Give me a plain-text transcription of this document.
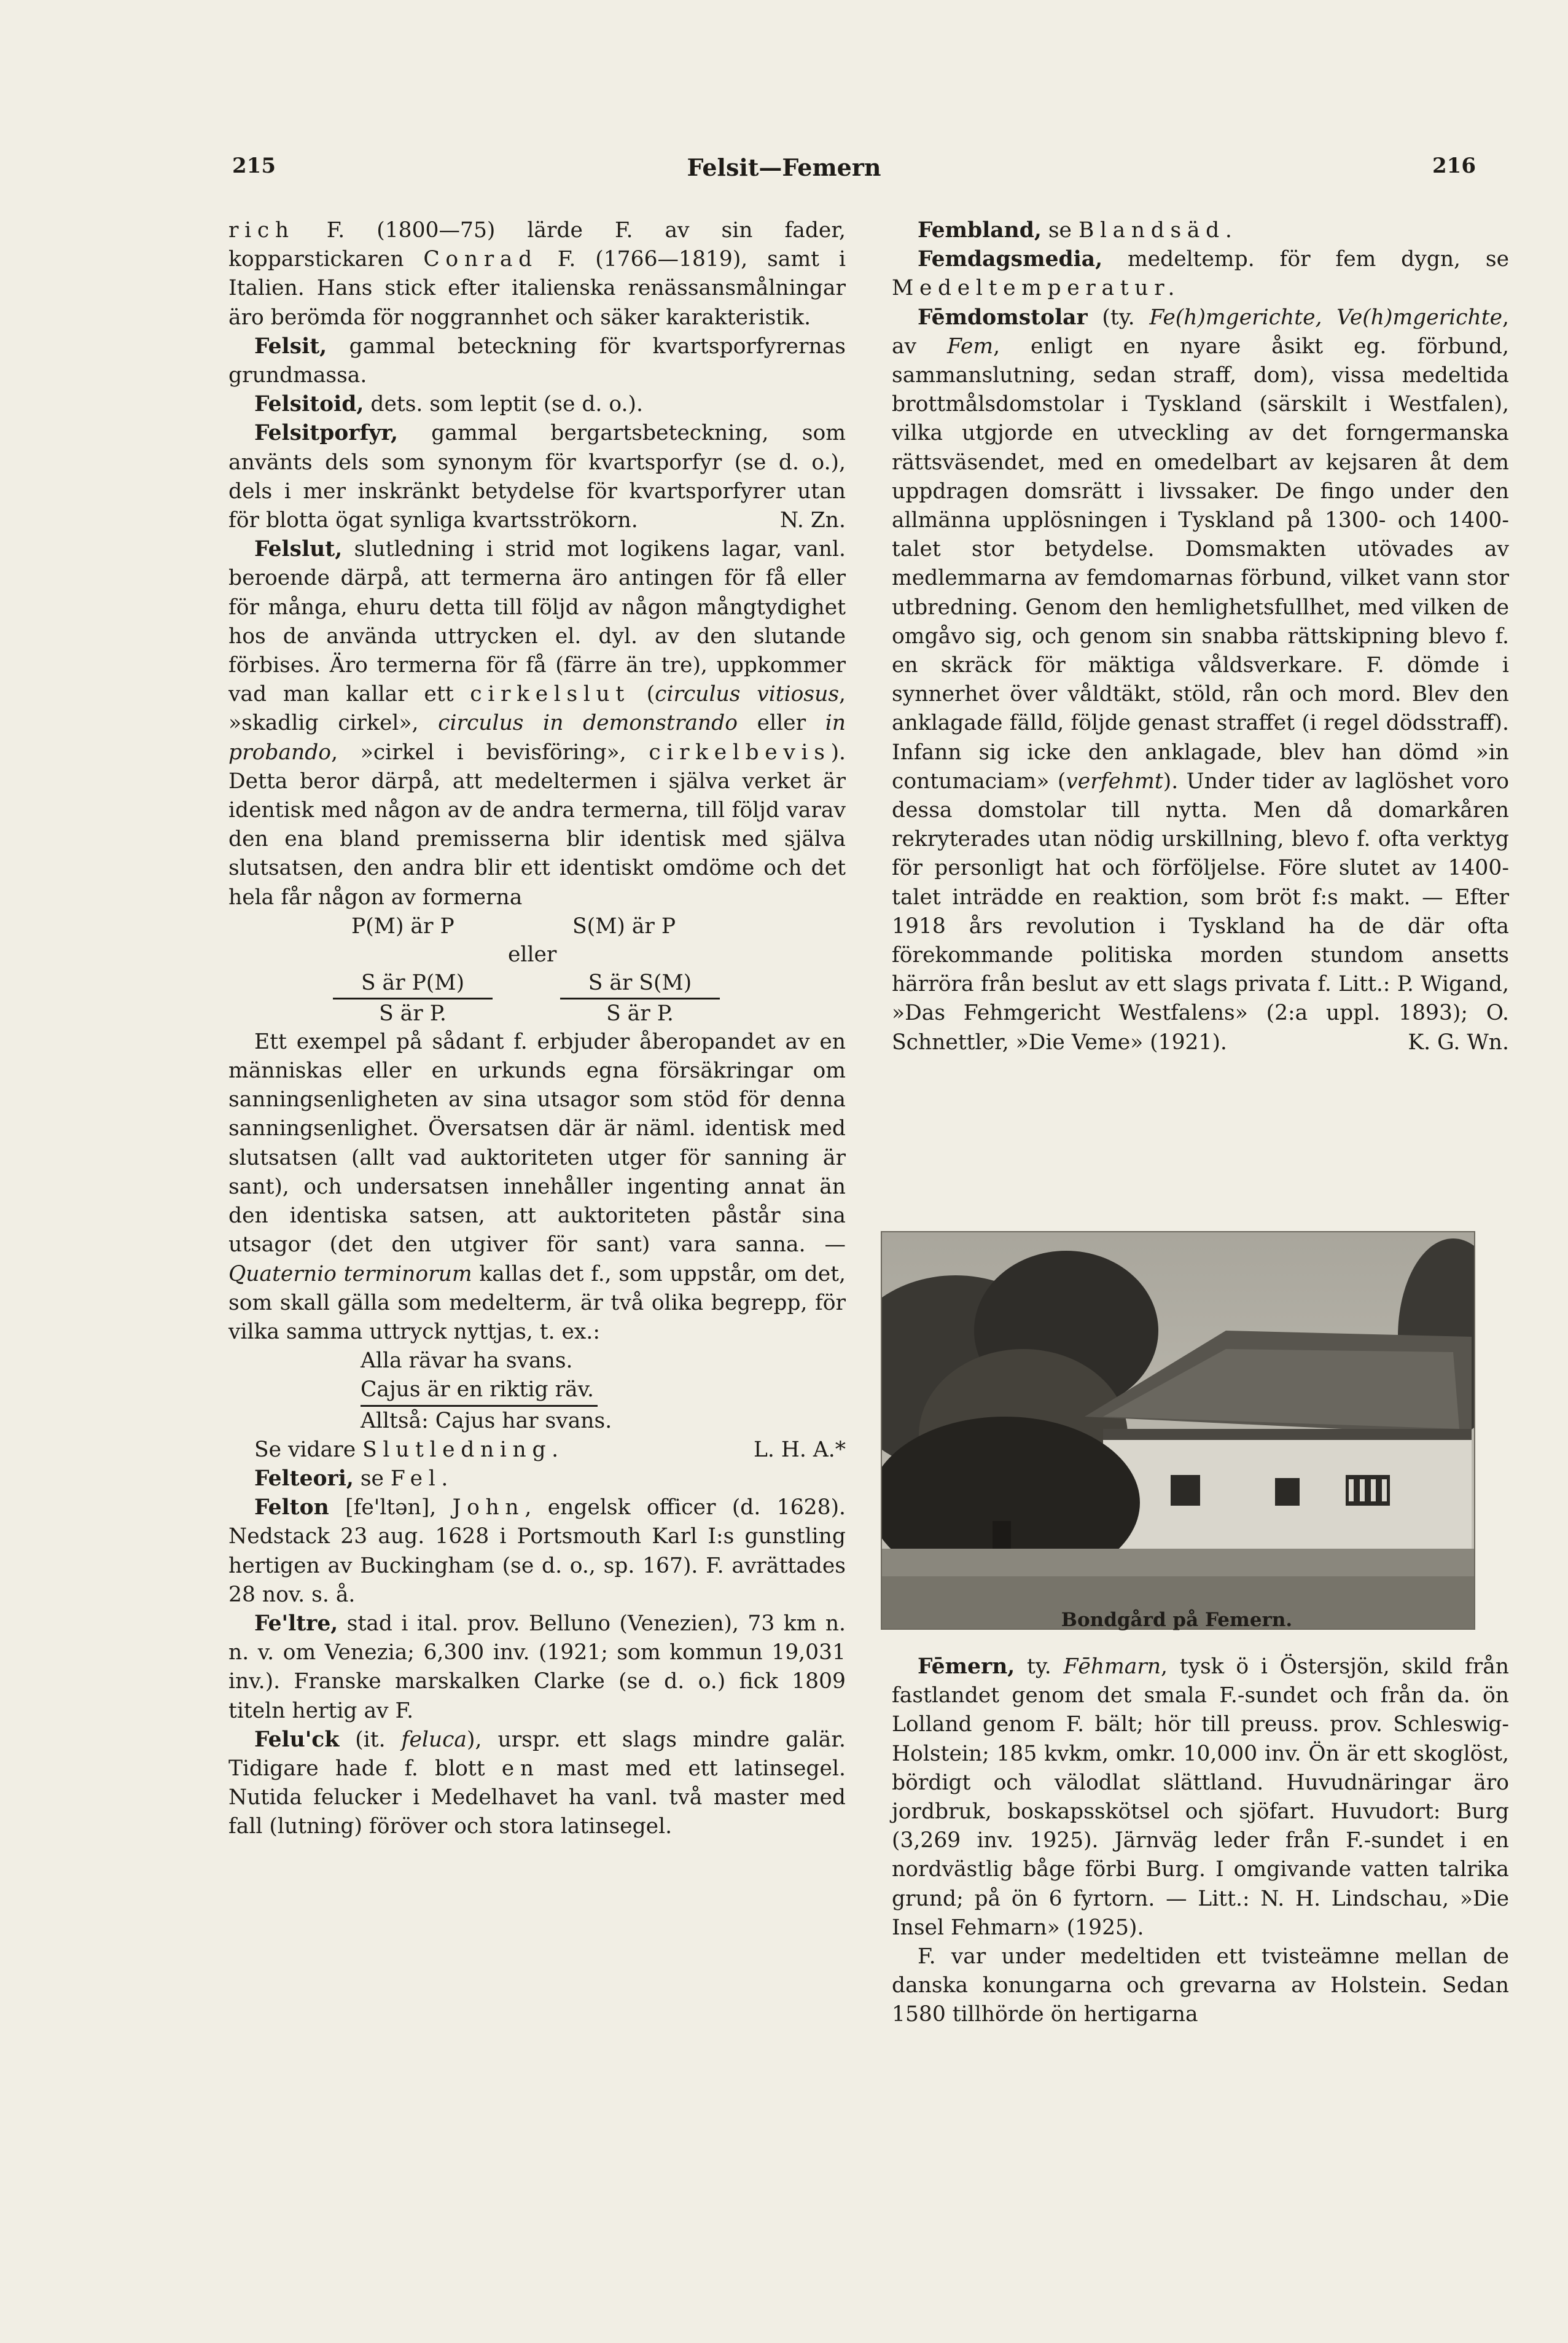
215	Felsit—Femern	216

rich F. (1800—75) lärde F. av sin fader, kopparstickaren Conrad F. (1766—1819), samt i Italien. Hans stick efter italienska renässansmålningar äro berömda för noggrannhet och säker karakteristik.

Felsit, gammal beteckning för kvartsporfyrernas grundmassa.

Felsitoid, dets. som leptit (se d. o.).

Felsitporfyr, gammal bergartsbeteckning, som använts dels som synonym för kvartsporfyr (se d. o.), dels i mer inskränkt betydelse för kvartsporfyrer utan för blotta ögat synliga kvartsströkorn.	N. Zn.

Felslut, slutledning i strid mot logikens lagar, vanl. beroende därpå, att termerna äro antingen för få eller för många, ehuru detta till följd av någon mångtydighet hos de använda uttrycken el. dyl. av den slutande förbises. Äro termerna för få (färre än tre), uppkommer vad man kallar ett cirkelslut (circulus vitiosus, »skadlig cirkel», circulus in demonstrando eller in probando, »cirkel i bevisföring», cirkelbevis). Detta beror därpå, att medeltermen i själva verket är identisk med någon av de andra termerna, till följd varav den ena bland premisserna blir identisk med själva slutsatsen, den andra blir ett identiskt omdöme och det hela får någon av formerna

P(M) är P	S(M) är P
eller
$\frac{\text{S är P(M)}}{\text{S är P.}}$	$\frac{\text{S är S(M)}}{\text{S är P.}}$

Ett exempel på sådant f. erbjuder åberopandet av en människas eller en urkunds egna försäkringar om sanningsenligheten av sina utsagor som stöd för denna sanningsenlighet. Översatsen där är näml. identisk med slutsatsen (allt vad auktoriteten utger för sanning är sant), och undersatsen innehåller ingenting annat än den identiska satsen, att auktoriteten påstår sina utsagor (det den utgiver för sant) vara sanna. — Quaternio terminorum kallas det f., som uppstår, om det, som skall gälla som medelterm, är två olika begrepp, för vilka samma uttryck nyttjas, t. ex.:

Alla rävar ha svans.
Cajus är en riktig räv.
Alltså: Cajus har svans.

Se vidare Slutledning.	L. H. A.*

Felteori, se Fel.

Felton [fe'ltən], John, engelsk officer (d. 1628). Nedstack 23 aug. 1628 i Portsmouth Karl I:s gunstling hertigen av Buckingham (se d. o., sp. 167). F. avrättades 28 nov. s. å.

Fe'ltre, stad i ital. prov. Belluno (Venezien), 73 km n. n. v. om Venezia; 6,300 inv. (1921; som kommun 19,031 inv.). Franske marskalken Clarke (se d. o.) fick 1809 titeln hertig av F.

Felu'ck (it. feluca), urspr. ett slags mindre galär. Tidigare hade f. blott en mast med ett latinsegel. Nutida felucker i Medelhavet ha vanl. två master med fall (lutning) föröver och stora latinsegel.

Fembland, se Blandsäd.

Femdagsmedia, medeltemp. för fem dygn, se Medeltemperatur.

Fēmdomstolar (ty. Fe(h)mgerichte, Ve(h)mgerichte, av Fem, enligt en nyare åsikt eg. förbund, sammanslutning, sedan straff, dom), vissa medeltida brottmålsdomstolar i Tyskland (särskilt i Westfalen), vilka utgjorde en utveckling av det forngermanska rättsväsendet, med en omedelbart av kejsaren åt dem uppdragen domsrätt i livssaker. De fingo under den allmänna upplösningen i Tyskland på 1300- och 1400-talet stor betydelse. Domsmakten utövades av medlemmarna av femdomarnas förbund, vilket vann stor utbredning. Genom den hemlighetsfullhet, med vilken de omgåvo sig, och genom sin snabba rättskipning blevo f. en skräck för mäktiga våldsverkare. F. dömde i synnerhet över våldtäkt, stöld, rån och mord. Blev den anklagade fälld, följde genast straffet (i regel dödsstraff). Infann sig icke den anklagade, blev han dömd »in contumaciam» (verfehmt). Under tider av laglöshet voro dessa domstolar till nytta. Men då domarkåren rekryterades utan nödig urskillning, blevo f. ofta verktyg för personligt hat och förföljelse. Före slutet av 1400-talet inträdde en reaktion, som bröt f:s makt. — Efter 1918 års revolution i Tyskland ha de där ofta förekommande politiska morden stundom ansetts härröra från beslut av ett slags privata f. Litt.: P. Wigand, »Das Fehmgericht Westfalens» (2:a uppl. 1893); O. Schnettler, »Die Veme» (1921).	K. G. Wn.

Bondgård på Femern.

Fēmern, ty. Fēhmarn, tysk ö i Östersjön, skild från fastlandet genom det smala F.-sundet och från da. ön Lolland genom F. bält; hör till preuss. prov. Schleswig-Holstein; 185 kvkm, omkr. 10,000 inv. Ön är ett skoglöst, bördigt och välodlat slättland. Huvudnäringar äro jordbruk, boskapsskötsel och sjöfart. Huvudort: Burg (3,269 inv. 1925). Järnväg leder från F.-sundet i en nordvästlig båge förbi Burg. I omgivande vatten talrika grund; på ön 6 fyrtorn. — Litt.: N. H. Lindschau, »Die Insel Fehmarn» (1925).

F. var under medeltiden ett tvisteämne mellan de danska konungarna och grevarna av Holstein. Sedan 1580 tillhörde ön hertigarna
